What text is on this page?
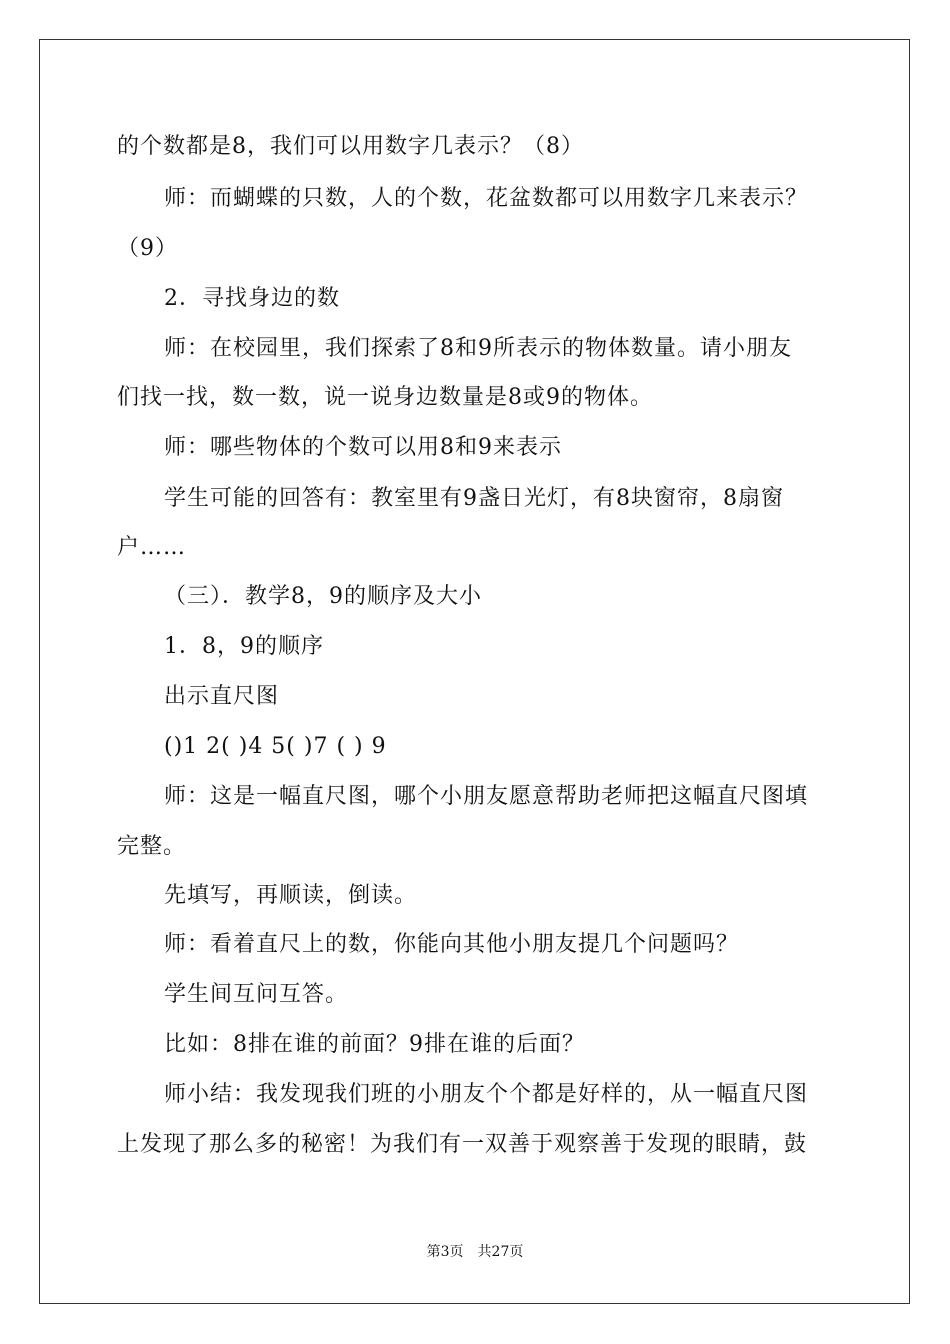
的个数都是8，我们可以用数字几表示？（8）
师：而蝴蝶的只数，人的个数，花盆数都可以用数字几来表示？
（9）
2．寻找身边的数
师：在校园里，我们探索了8和9所表示的物体数量。请小朋友
们找一找，数一数，说一说身边数量是8或9的物体。
师：哪些物体的个数可以用8和9来表示
学生可能的回答有：教室里有9盏日光灯，有8块窗帘，8扇窗
户……
（三）．教学8，9的顺序及大小
1．8，9的顺序
出示直尺图
()1 2( )4 5( )7 ( ) 9
师：这是一幅直尺图，哪个小朋友愿意帮助老师把这幅直尺图填
完整。
先填写，再顺读，倒读。
师：看着直尺上的数，你能向其他小朋友提几个问题吗？
学生间互问互答。
比如：8排在谁的前面？9排在谁的后面？
师小结：我发现我们班的小朋友个个都是好样的，从一幅直尺图
上发现了那么多的秘密！为我们有一双善于观察善于发现的眼睛，鼓
第3页 共27页
